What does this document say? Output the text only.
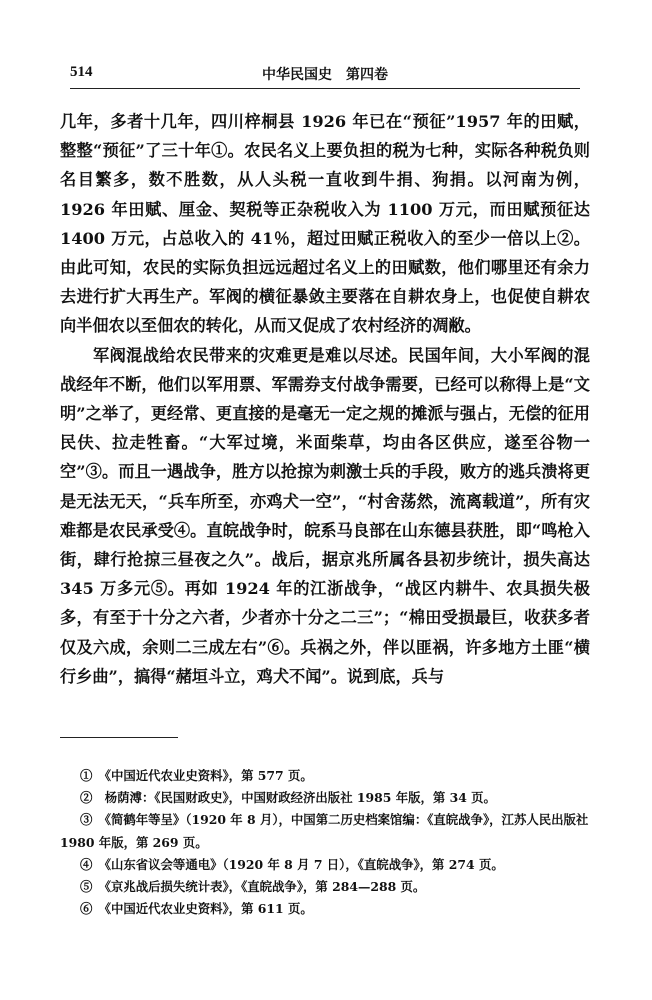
514	中华民国史　第四卷

几年，多者十几年，四川梓桐县 1926 年已在“预征”1957 年的田赋，整整“预征”了三十年①。农民名义上要负担的税为七种，实际各种税负则名目繁多，数不胜数，从人头税一直收到牛捐、狗捐。以河南为例，1926 年田赋、厘金、契税等正杂税收入为 1100 万元，而田赋预征达 1400 万元，占总收入的 41％，超过田赋正税收入的至少一倍以上②。由此可知，农民的实际负担远远超过名义上的田赋数，他们哪里还有余力去进行扩大再生产。军阀的横征暴敛主要落在自耕农身上，也促使自耕农向半佃农以至佃农的转化，从而又促成了农村经济的凋敝。

军阀混战给农民带来的灾难更是难以尽述。民国年间，大小军阀的混战经年不断，他们以军用票、军需券支付战争需要，已经可以称得上是“文明”之举了，更经常、更直接的是毫无一定之规的摊派与强占，无偿的征用民伕、拉走牲畜。“大军过境，米面柴草，均由各区供应，遂至谷物一空”③。而且一遇战争，胜方以抢掠为刺激士兵的手段，败方的逃兵溃将更是无法无天，“兵车所至，亦鸡犬一空”，“村舍荡然，流离载道”，所有灾难都是农民承受④。直皖战争时，皖系马良部在山东德县获胜，即“鸣枪入街，肆行抢掠三昼夜之久”。战后，据京兆所属各县初步统计，损失高达 345 万多元⑤。再如 1924 年的江浙战争，“战区内耕牛、农具损失极多，有至于十分之六者，少者亦十分之二三”；“棉田受损最巨，收获多者仅及六成，余则二三成左右”⑥。兵祸之外，伴以匪祸，许多地方土匪“横行乡曲”，搞得“赭垣斗立，鸡犬不闻”。说到底，兵与

①　《中国近代农业史资料》，第 577 页。

②　杨荫溥：《民国财政史》，中国财政经济出版社 1985 年版，第 34 页。

③　《简鹤年等呈》（1920 年 8 月），中国第二历史档案馆编：《直皖战争》，江苏人民出版社 1980 年版，第 269 页。

④　《山东省议会等通电》（1920 年 8 月 7 日），《直皖战争》，第 274 页。

⑤　《京兆战后损失统计表》，《直皖战争》，第 284—288 页。

⑥　《中国近代农业史资料》，第 611 页。
